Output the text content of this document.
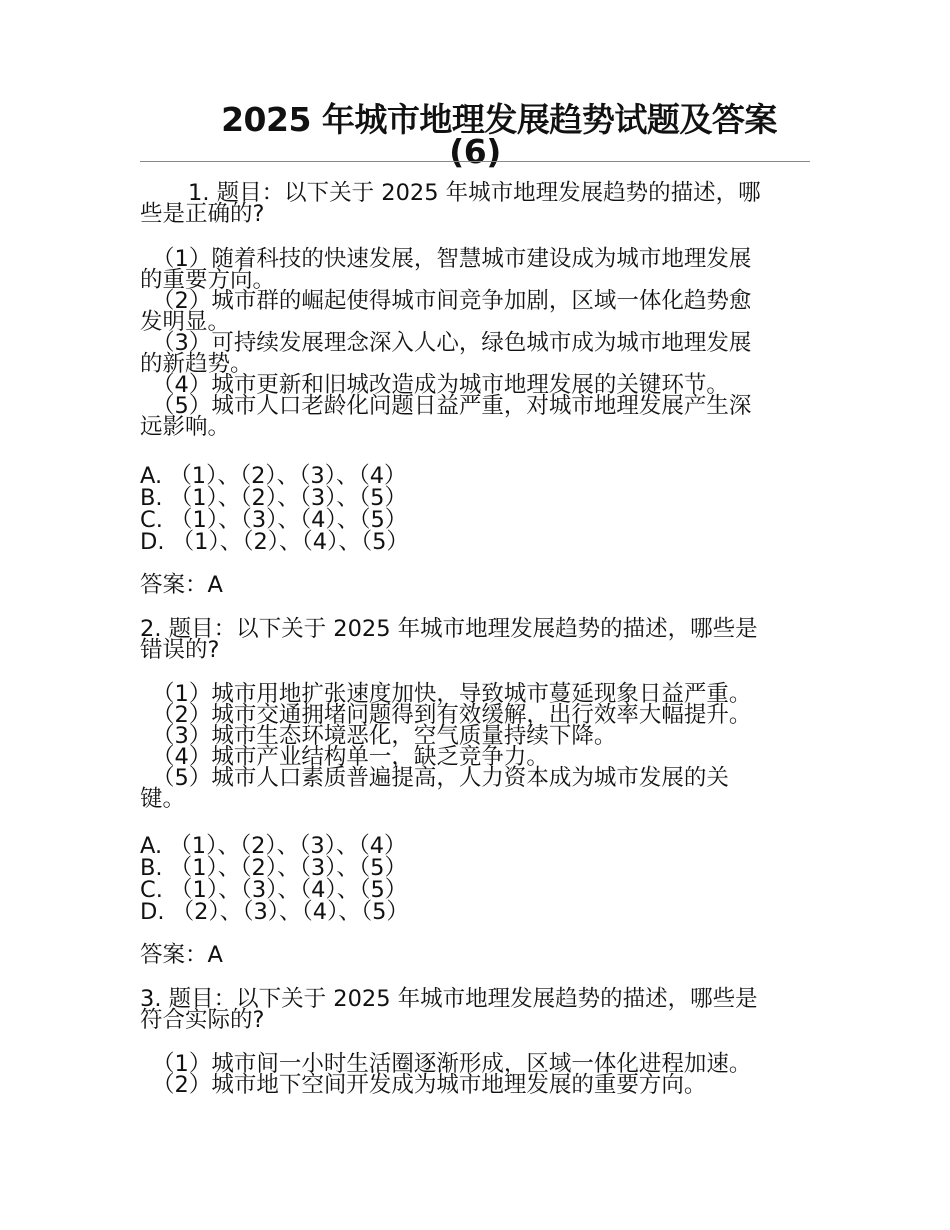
2025 年城市地理发展趋势试题及答案
(6)
1. 题目：以下关于 2025 年城市地理发展趋势的描述，哪
些是正确的?
（1）随着科技的快速发展，智慧城市建设成为城市地理发展
的重要方向。
（2）城市群的崛起使得城市间竞争加剧，区域一体化趋势愈
发明显。
（3）可持续发展理念深入人心，绿色城市成为城市地理发展
的新趋势。
（4）城市更新和旧城改造成为城市地理发展的关键环节。
（5）城市人口老龄化问题日益严重，对城市地理发展产生深
远影响。
A. （1）、（2）、（3）、（4）
B. （1）、（2）、（3）、（5）
C. （1）、（3）、（4）、（5）
D. （1）、（2）、（4）、（5）
答案：A
2. 题目：以下关于 2025 年城市地理发展趋势的描述，哪些是
错误的?
（1）城市用地扩张速度加快，导致城市蔓延现象日益严重。
（2）城市交通拥堵问题得到有效缓解，出行效率大幅提升。
（3）城市生态环境恶化，空气质量持续下降。
（4）城市产业结构单一，缺乏竞争力。
（5）城市人口素质普遍提高，人力资本成为城市发展的关
键。
A. （1）、（2）、（3）、（4）
B. （1）、（2）、（3）、（5）
C. （1）、（3）、（4）、（5）
D. （2）、（3）、（4）、（5）
答案：A
3. 题目：以下关于 2025 年城市地理发展趋势的描述，哪些是
符合实际的?
（1）城市间一小时生活圈逐渐形成，区域一体化进程加速。
（2）城市地下空间开发成为城市地理发展的重要方向。
